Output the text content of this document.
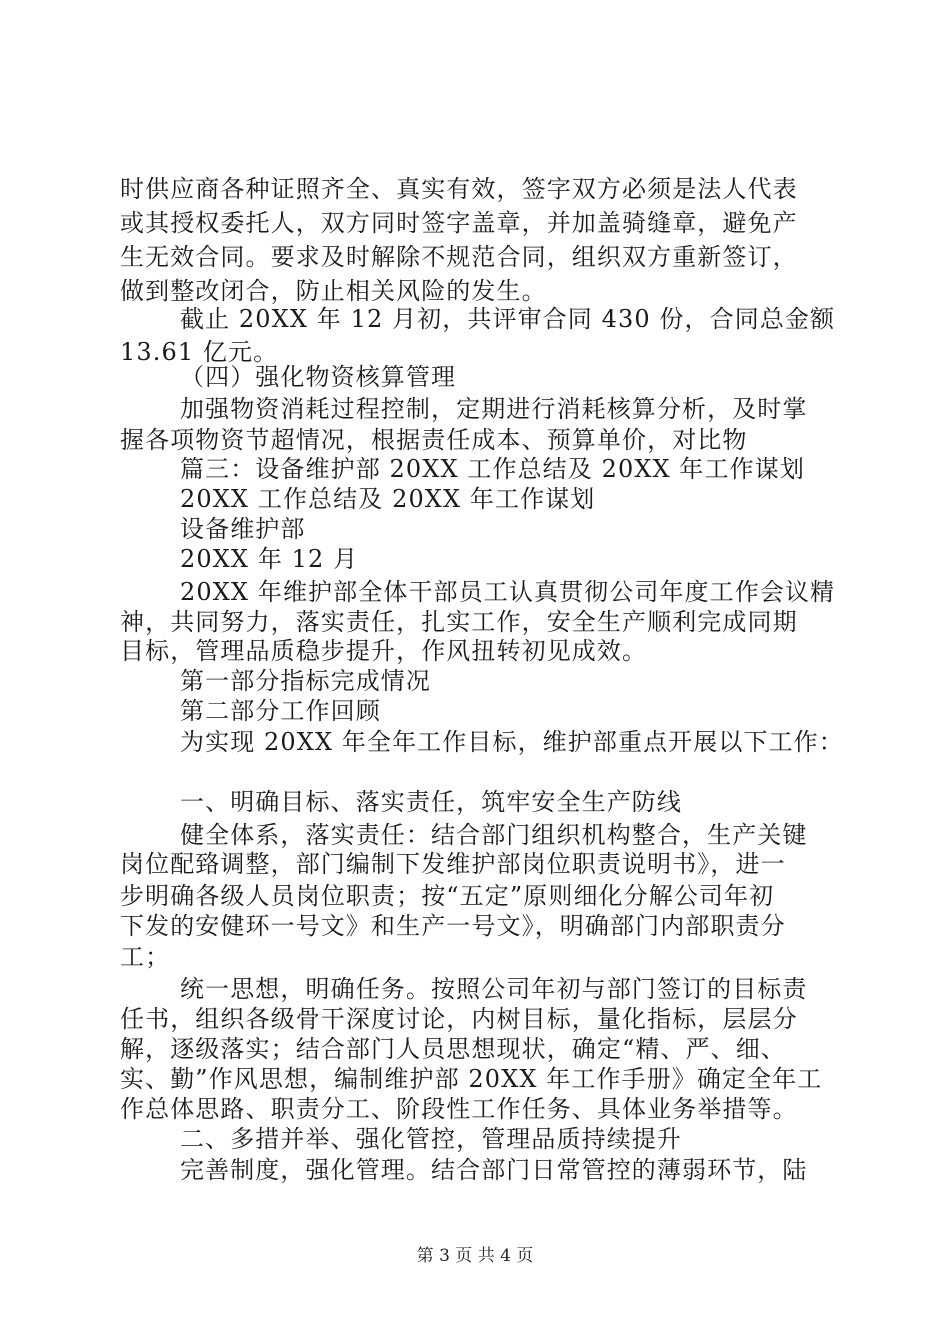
时供应商各种证照齐全、真实有效，签字双方必须是法人代表
或其授权委托人，双方同时签字盖章，并加盖骑缝章，避免产
生无效合同。要求及时解除不规范合同，组织双方重新签订，
做到整改闭合，防止相关风险的发生。
截止 20XX 年 12 月初，共评审合同 430 份，合同总金额
13.61 亿元。
（四）强化物资核算管理
加强物资消耗过程控制，定期进行消耗核算分析，及时掌
握各项物资节超情况，根据责任成本、预算单价，对比物
篇三：设备维护部 20XX 工作总结及 20XX 年工作谋划
20XX 工作总结及 20XX 年工作谋划
设备维护部
20XX 年 12 月
20XX 年维护部全体干部员工认真贯彻公司年度工作会议精
神，共同努力，落实责任，扎实工作，安全生产顺利完成同期
目标，管理品质稳步提升，作风扭转初见成效。
第一部分指标完成情况
第二部分工作回顾
为实现 20XX 年全年工作目标，维护部重点开展以下工作：
一、明确目标、落实责任，筑牢安全生产防线
健全体系，落实责任：结合部门组织机构整合，生产关键
岗位配臵调整，部门编制下发维护部岗位职责说明书》，进一
步明确各级人员岗位职责；按“五定”原则细化分解公司年初
下发的安健环一号文》和生产一号文》，明确部门内部职责分
工；
统一思想，明确任务。按照公司年初与部门签订的目标责
任书，组织各级骨干深度讨论，内树目标，量化指标，层层分
解，逐级落实；结合部门人员思想现状，确定“精、严、细、
实、勤”作风思想，编制维护部 20XX 年工作手册》确定全年工
作总体思路、职责分工、阶段性工作任务、具体业务举措等。
二、多措并举、强化管控，管理品质持续提升
完善制度，强化管理。结合部门日常管控的薄弱环节，陆
第 3 页 共 4 页
